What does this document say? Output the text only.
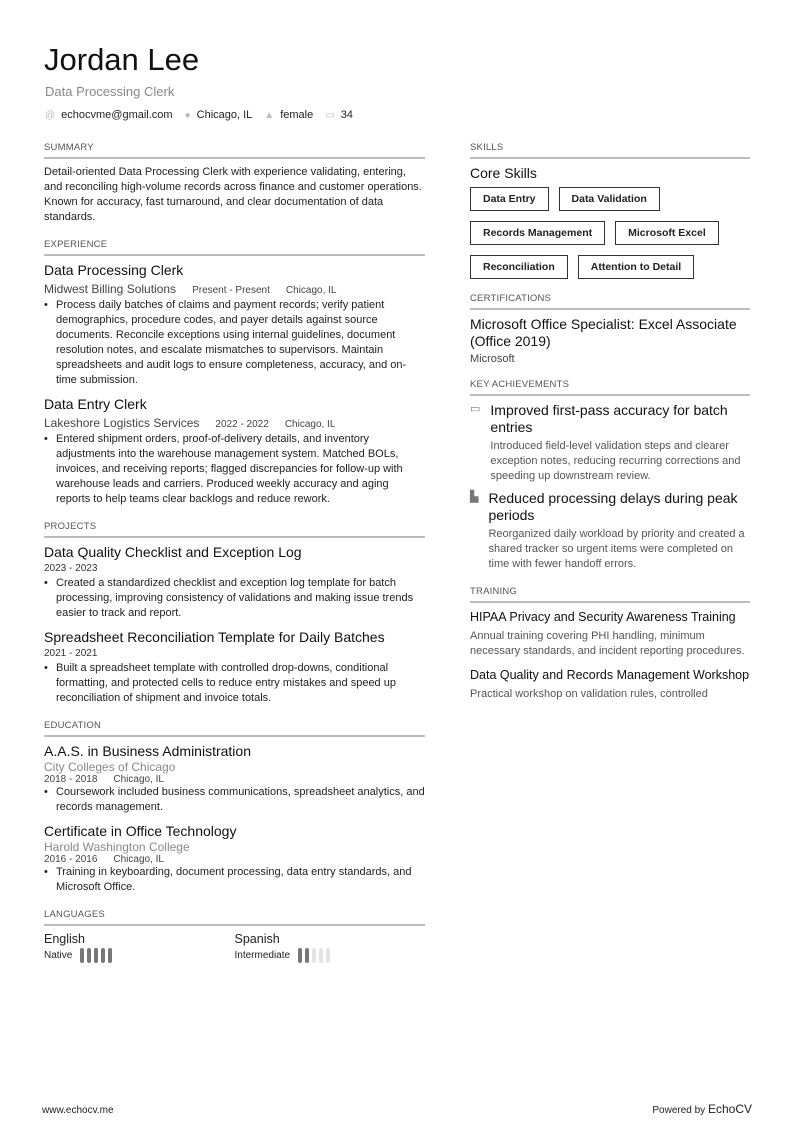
Jordan Lee
Data Processing Clerk
@ echocvme@gmail.com ● Chicago, IL ▲ female ▭ 34
SUMMARY
Detail-oriented Data Processing Clerk with experience validating, entering, and reconciling high-volume records across finance and customer operations. Known for accuracy, fast turnaround, and clear documentation of data standards.
EXPERIENCE
Data Processing Clerk
Midwest Billing Solutions Present - Present Chicago, IL
• Process daily batches of claims and payment records; verify patient demographics, procedure codes, and payer details against source documents. Reconcile exceptions using internal guidelines, document resolution notes, and escalate mismatches to supervisors. Maintain spreadsheets and audit logs to ensure completeness, accuracy, and on-time submission.
Data Entry Clerk
Lakeshore Logistics Services 2022 - 2022 Chicago, IL
• Entered shipment orders, proof-of-delivery details, and inventory adjustments into the warehouse management system. Matched BOLs, invoices, and receiving reports; flagged discrepancies for follow-up with warehouse leads and carriers. Produced weekly accuracy and aging reports to help teams clear backlogs and reduce rework.
PROJECTS
Data Quality Checklist and Exception Log
2023 - 2023
• Created a standardized checklist and exception log template for batch processing, improving consistency of validations and making issue trends easier to track and report.
Spreadsheet Reconciliation Template for Daily Batches
2021 - 2021
• Built a spreadsheet template with controlled drop-downs, conditional formatting, and protected cells to reduce entry mistakes and speed up reconciliation of shipment and invoice totals.
EDUCATION
A.A.S. in Business Administration
City Colleges of Chicago
2018 - 2018 Chicago, IL
• Coursework included business communications, spreadsheet analytics, and records management.
Certificate in Office Technology
Harold Washington College
2016 - 2016 Chicago, IL
• Training in keyboarding, document processing, data entry standards, and Microsoft Office.
LANGUAGES
English
Native
Spanish
Intermediate
SKILLS
Core Skills
Data Entry	Data Validation
Records Management	Microsoft Excel
Reconciliation	Attention to Detail
CERTIFICATIONS
Microsoft Office Specialist: Excel Associate (Office 2019)
Microsoft
KEY ACHIEVEMENTS
▭ Improved first-pass accuracy for batch entries
Introduced field-level validation steps and clearer exception notes, reducing recurring corrections and speeding up downstream review.
▙ Reduced processing delays during peak periods
Reorganized daily workload by priority and created a shared tracker so urgent items were completed on time with fewer handoff errors.
TRAINING
HIPAA Privacy and Security Awareness Training
Annual training covering PHI handling, minimum necessary standards, and incident reporting procedures.
Data Quality and Records Management Workshop
Practical workshop on validation rules, controlled
www.echocv.me	Powered by EchoCV
